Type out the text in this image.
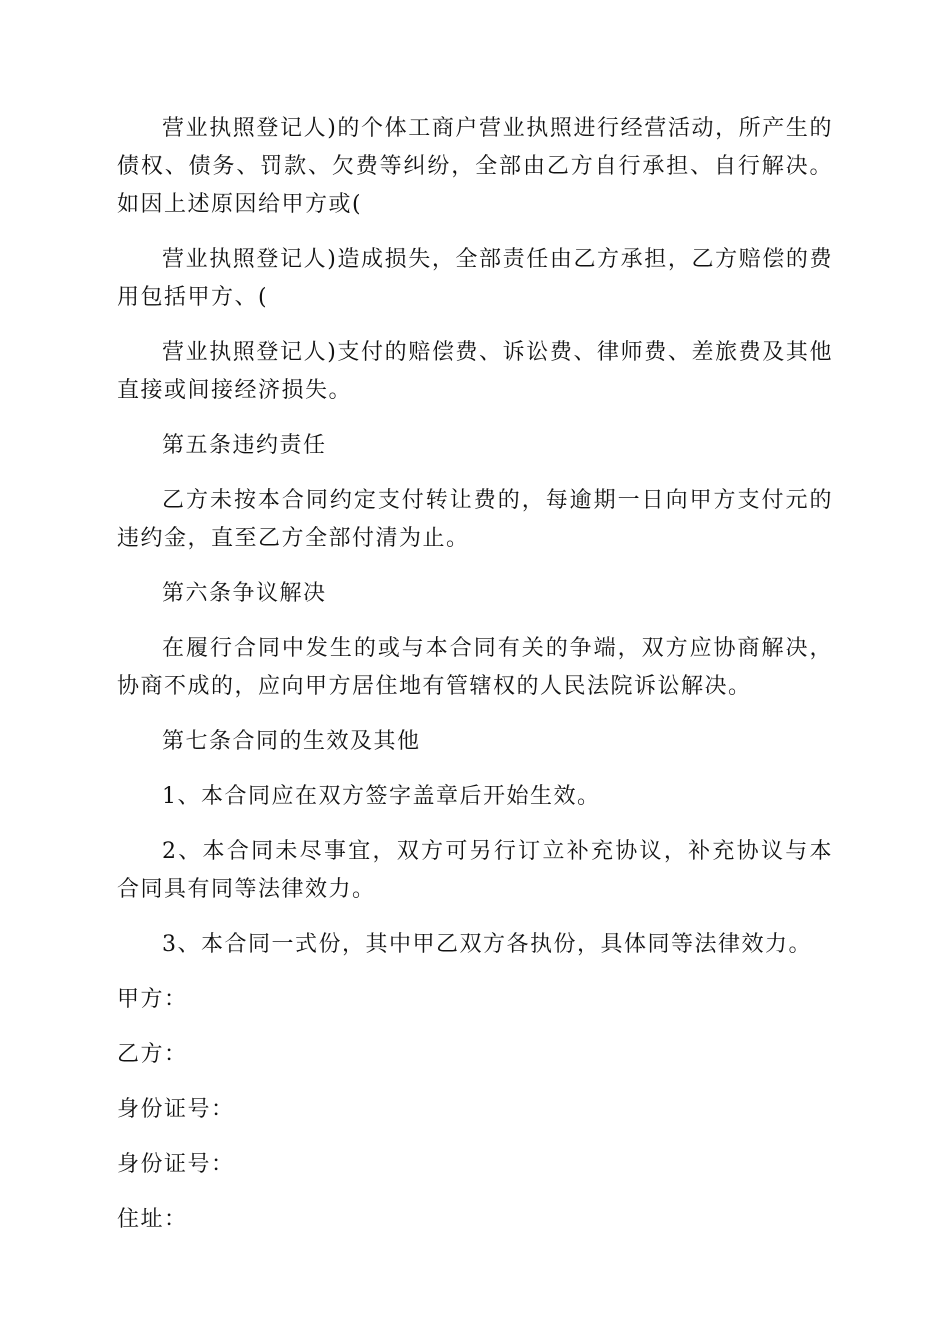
营业执照登记人)的个体工商户营业执照进行经营活动，所产生的债权、债务、罚款、欠费等纠纷，全部由乙方自行承担、自行解决。如因上述原因给甲方或(

营业执照登记人)造成损失，全部责任由乙方承担，乙方赔偿的费用包括甲方、(

营业执照登记人)支付的赔偿费、诉讼费、律师费、差旅费及其他直接或间接经济损失。

第五条违约责任

乙方未按本合同约定支付转让费的，每逾期一日向甲方支付元的违约金，直至乙方全部付清为止。

第六条争议解决

在履行合同中发生的或与本合同有关的争端，双方应协商解决，协商不成的，应向甲方居住地有管辖权的人民法院诉讼解决。

第七条合同的生效及其他

1、本合同应在双方签字盖章后开始生效。

2、本合同未尽事宜，双方可另行订立补充协议，补充协议与本合同具有同等法律效力。

3、本合同一式份，其中甲乙双方各执份，具体同等法律效力。

甲方：

乙方：

身份证号：

身份证号：

住址：
